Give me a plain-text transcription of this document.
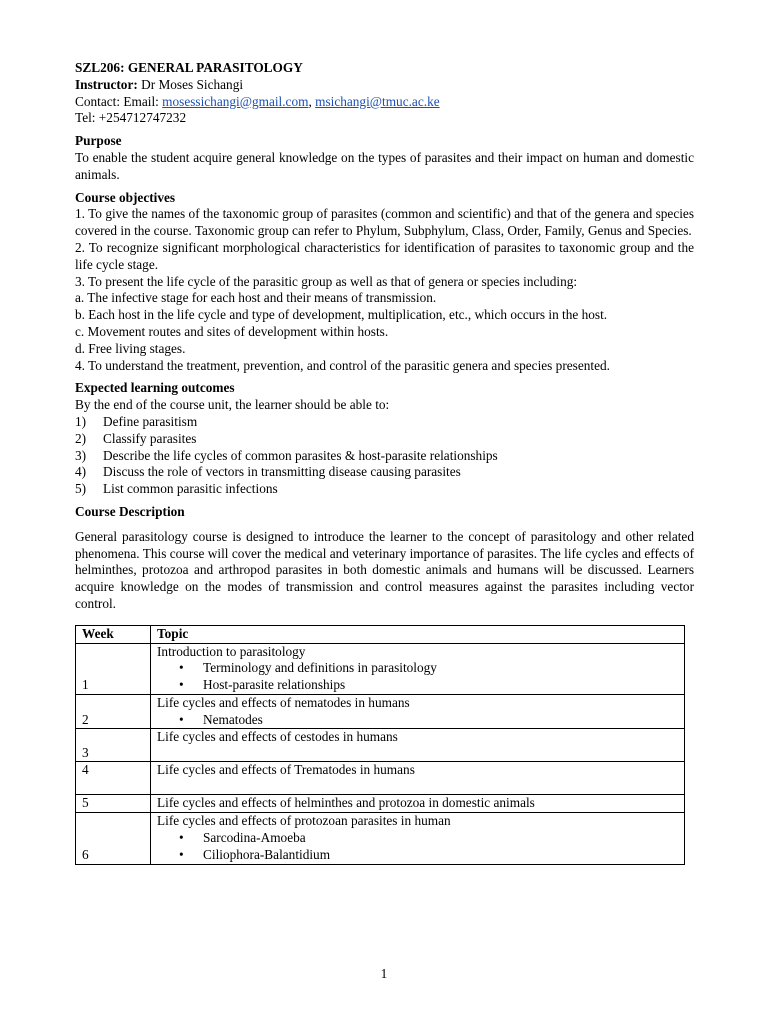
SZL206: GENERAL PARASITOLOGY

Instructor: Dr Moses Sichangi

Contact: Email: mosessichangi@gmail.com, msichangi@tmuc.ac.ke

Tel: +254712747232

Purpose

To enable the student acquire general knowledge on the types of parasites and their impact on human and domestic animals.

Course objectives

1. To give the names of the taxonomic group of parasites (common and scientific) and that of the genera and species covered in the course. Taxonomic group can refer to Phylum, Subphylum, Class, Order, Family, Genus and Species.

2. To recognize significant morphological characteristics for identification of parasites to taxonomic group and the life cycle stage.

3. To present the life cycle of the parasitic group as well as that of genera or species including:

a. The infective stage for each host and their means of transmission.

b. Each host in the life cycle and type of development, multiplication, etc., which occurs in the host.

c. Movement routes and sites of development within hosts.

d. Free living stages.

4. To understand the treatment, prevention, and control of the parasitic genera and species presented.

Expected learning outcomes

By the end of the course unit, the learner should be able to:

1)	Define parasitism
2)	Classify parasites
3)	Describe the life cycles of common parasites & host-parasite relationships
4)	Discuss the role of vectors in transmitting disease causing parasites
5)	List common parasitic infections

Course Description

General parasitology course is designed to introduce the learner to the concept of parasitology and other related phenomena. This course will cover the medical and veterinary importance of parasites. The life cycles and effects of helminthes, protozoa and arthropod parasites in both domestic animals and humans will be discussed. Learners acquire knowledge on the modes of transmission and control measures against the parasites including vector control.

Week	Topic
1	Introduction to parasitology
• Terminology and definitions in parasitology
• Host-parasite relationships

2	Life cycles and effects of nematodes in humans
• Nematodes

3	Life cycles and effects of cestodes in humans

4	Life cycles and effects of Trematodes in humans

5	Life cycles and effects of helminthes and protozoa in domestic animals

6	Life cycles and effects of protozoan parasites in human
• Sarcodina-Amoeba
• Ciliophora-Balantidium
1
